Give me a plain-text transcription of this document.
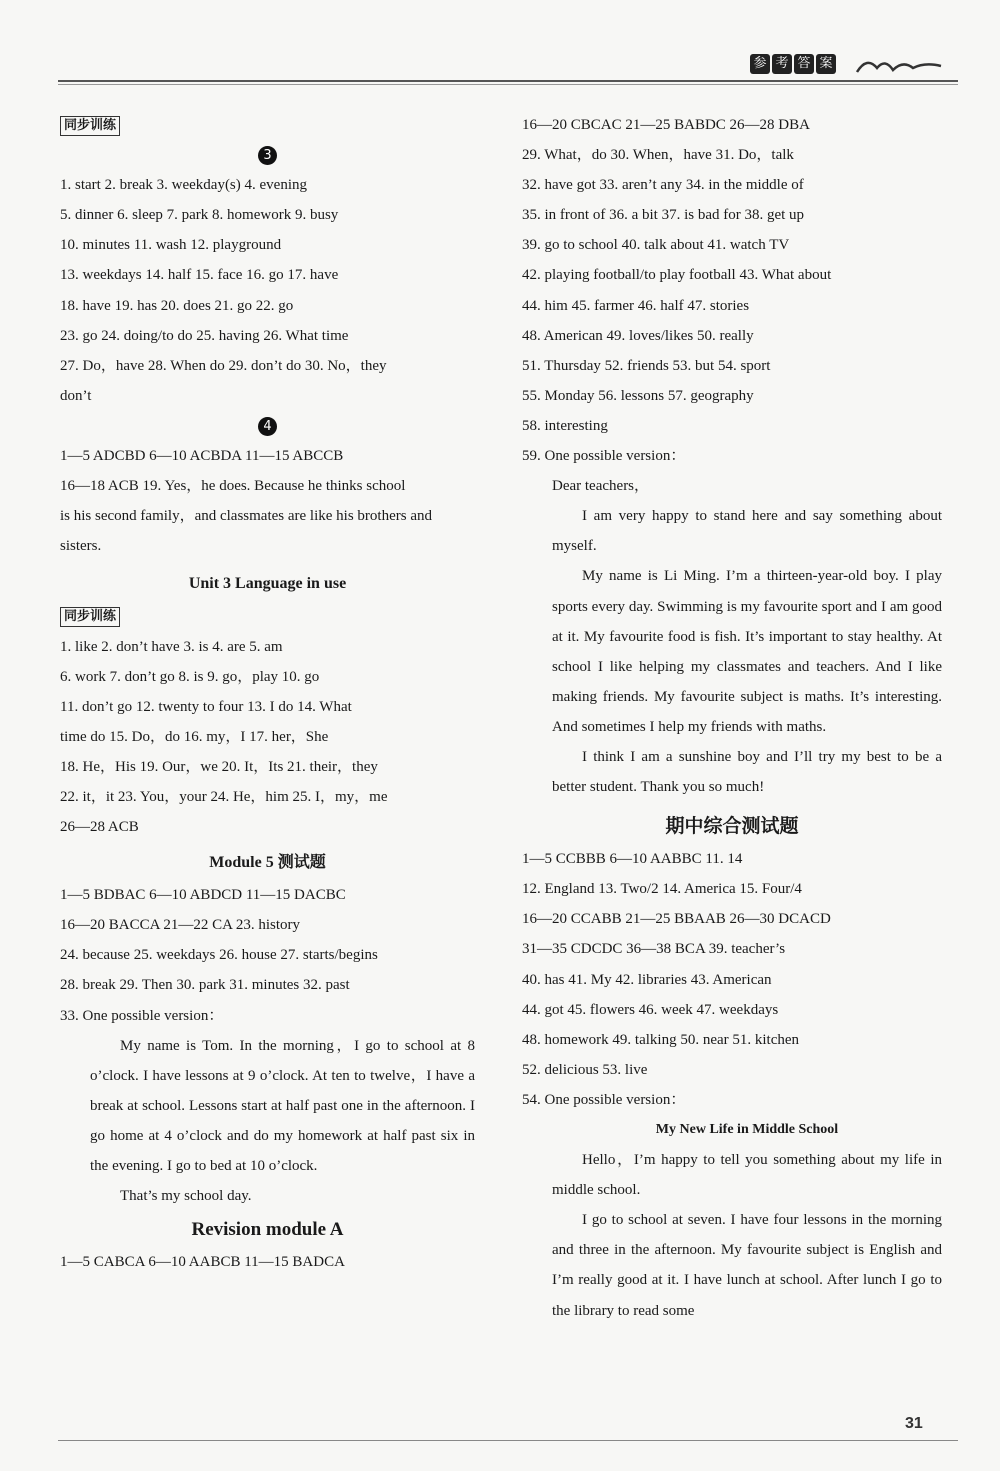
参 考 答 案
同步训练
3
1. start 2. break 3. weekday(s) 4. evening
5. dinner 6. sleep 7. park 8. homework 9. busy
10. minutes 11. wash 12. playground
13. weekdays 14. half 15. face 16. go 17. have
18. have 19. has 20. does 21. go 22. go
23. go 24. doing/to do 25. having 26. What time
27. Do，have 28. When do 29. don’t do 30. No，they
don’t
4
1—5 ADCBD 6—10 ACBDA 11—15 ABCCB
16—18 ACB 19. Yes，he does. Because he thinks school
is his second family，and classmates are like his brothers and
sisters.
Unit 3 Language in use
同步训练
1. like 2. don’t have 3. is 4. are 5. am
6. work 7. don’t go 8. is 9. go，play 10. go
11. don’t go 12. twenty to four 13. I do 14. What
time do 15. Do，do 16. my，I 17. her，She
18. He，His 19. Our，we 20. It，Its 21. their，they
22. it，it 23. You，your 24. He，him 25. I，my，me
26—28 ACB
Module 5 测试题
1—5 BDBAC 6—10 ABDCD 11—15 DACBC
16—20 BACCA 21—22 CA 23. history
24. because 25. weekdays 26. house 27. starts/begins
28. break 29. Then 30. park 31. minutes 32. past
33. One possible version：
My name is Tom. In the morning，I go to school at 8 o’clock. I have lessons at 9 o’clock. At ten to twelve，I have a break at school. Lessons start at half past one in the afternoon. I go home at 4 o’clock and do my homework at half past six in the evening. I go to bed at 10 o’clock.
That’s my school day.
Revision module A
1—5 CABCA 6—10 AABCB 11—15 BADCA
16—20 CBCAC 21—25 BABDC 26—28 DBA
29. What，do 30. When，have 31. Do，talk
32. have got 33. aren’t any 34. in the middle of
35. in front of 36. a bit 37. is bad for 38. get up
39. go to school 40. talk about 41. watch TV
42. playing football/to play football 43. What about
44. him 45. farmer 46. half 47. stories
48. American 49. loves/likes 50. really
51. Thursday 52. friends 53. but 54. sport
55. Monday 56. lessons 57. geography
58. interesting
59. One possible version：
Dear teachers，
I am very happy to stand here and say something about myself.
My name is Li Ming. I’m a thirteen-year-old boy. I play sports every day. Swimming is my favourite sport and I am good at it. My favourite food is fish. It’s important to stay healthy. At school I like helping my classmates and teachers. And I like making friends. My favourite subject is maths. It’s interesting. And sometimes I help my friends with maths.
I think I am a sunshine boy and I’ll try my best to be a better student. Thank you so much!
期中综合测试题
1—5 CCBBB 6—10 AABBC 11. 14
12. England 13. Two/2 14. America 15. Four/4
16—20 CCABB 21—25 BBAAB 26—30 DCACD
31—35 CDCDC 36—38 BCA 39. teacher’s
40. has 41. My 42. libraries 43. American
44. got 45. flowers 46. week 47. weekdays
48. homework 49. talking 50. near 51. kitchen
52. delicious 53. live
54. One possible version：
My New Life in Middle School
Hello，I’m happy to tell you something about my life in middle school.
I go to school at seven. I have four lessons in the morning and three in the afternoon. My favourite subject is English and I’m really good at it. I have lunch at school. After lunch I go to the library to read some
31
